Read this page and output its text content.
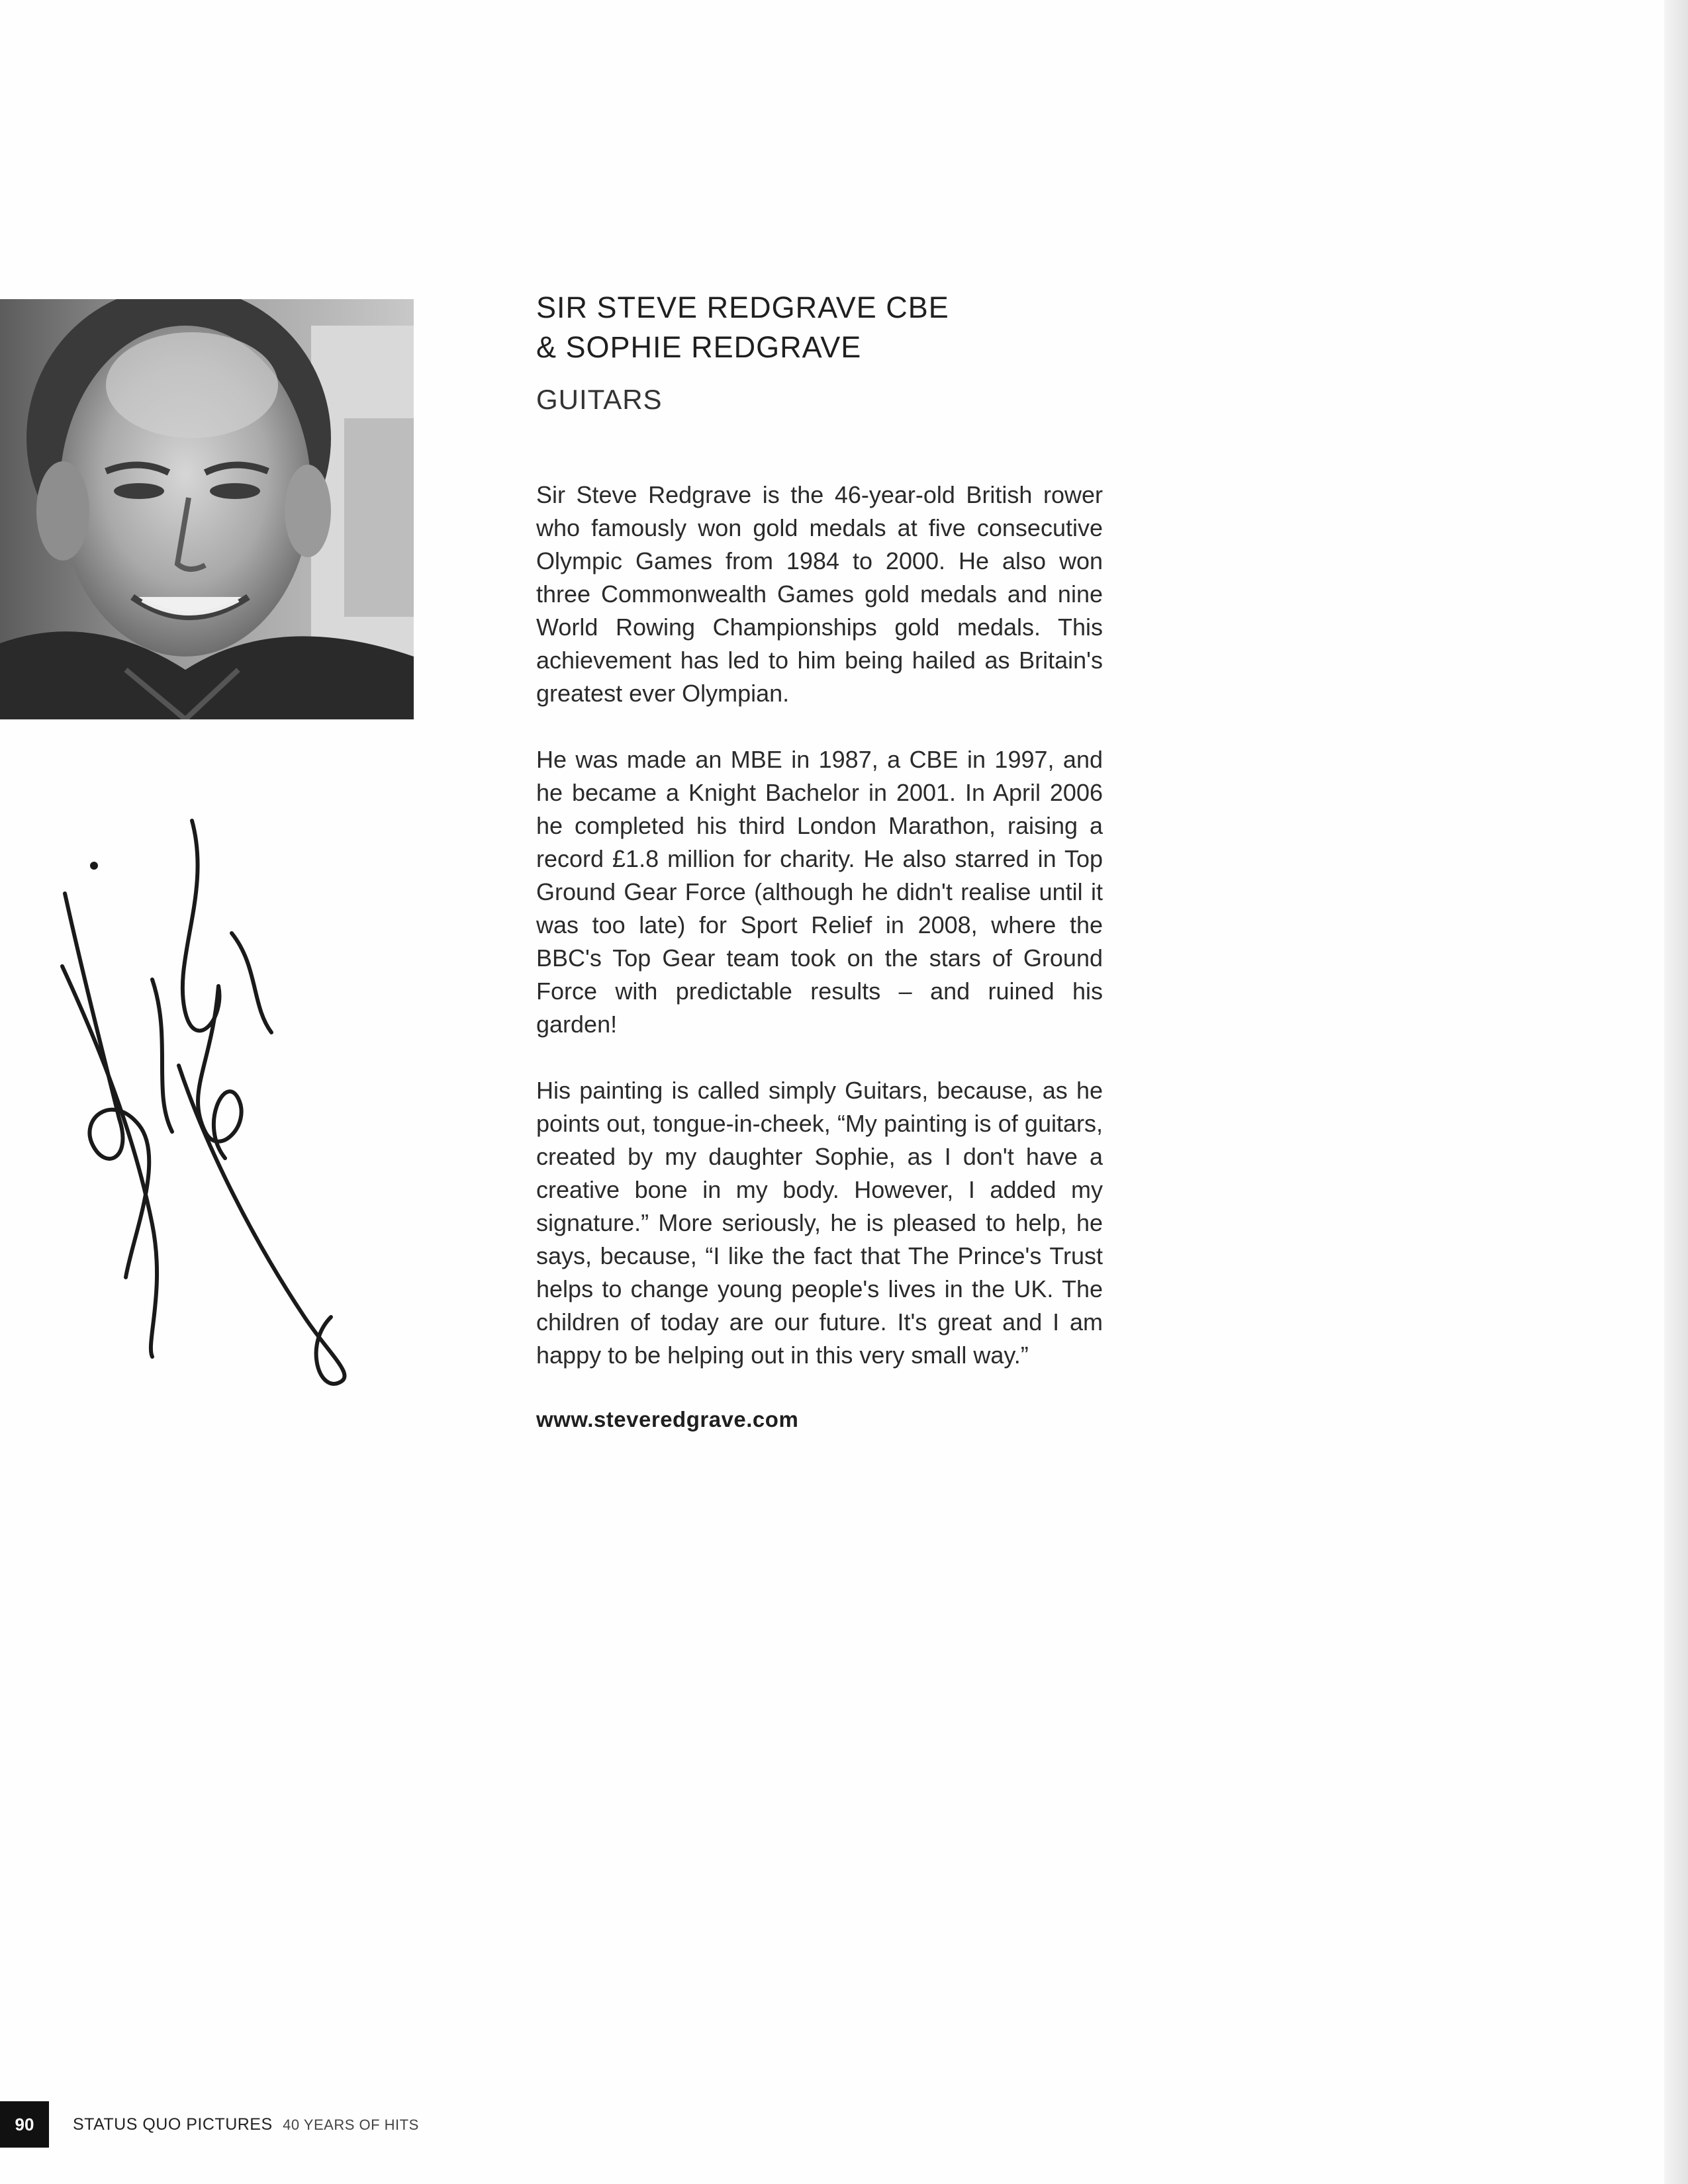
SIR STEVE REDGRAVE CBE
& SOPHIE REDGRAVE
GUITARS

Sir Steve Redgrave is the 46-year-old British rower who famously won gold medals at five consecutive Olympic Games from 1984 to 2000. He also won three Commonwealth Games gold medals and nine World Rowing Championships gold medals. This achievement has led to him being hailed as Britain's greatest ever Olympian.

He was made an MBE in 1987, a CBE in 1997, and he became a Knight Bachelor in 2001. In April 2006 he completed his third London Marathon, raising a record £1.8 million for charity. He also starred in Top Ground Gear Force (although he didn't realise until it was too late) for Sport Relief in 2008, where the BBC's Top Gear team took on the stars of Ground Force with predictable results – and ruined his garden!

His painting is called simply Guitars, because, as he points out, tongue-in-cheek, “My painting is of guitars, created by my daughter Sophie, as I don't have a creative bone in my body. However, I added my signature.” More seriously, he is pleased to help, he says, because, “I like the fact that The Prince's Trust helps to change young people's lives in the UK. The children of today are our future. It's great and I am happy to be helping out in this very small way.”

www.steveredgrave.com

90	STATUS QUO PICTURES 40 YEARS OF HITS
